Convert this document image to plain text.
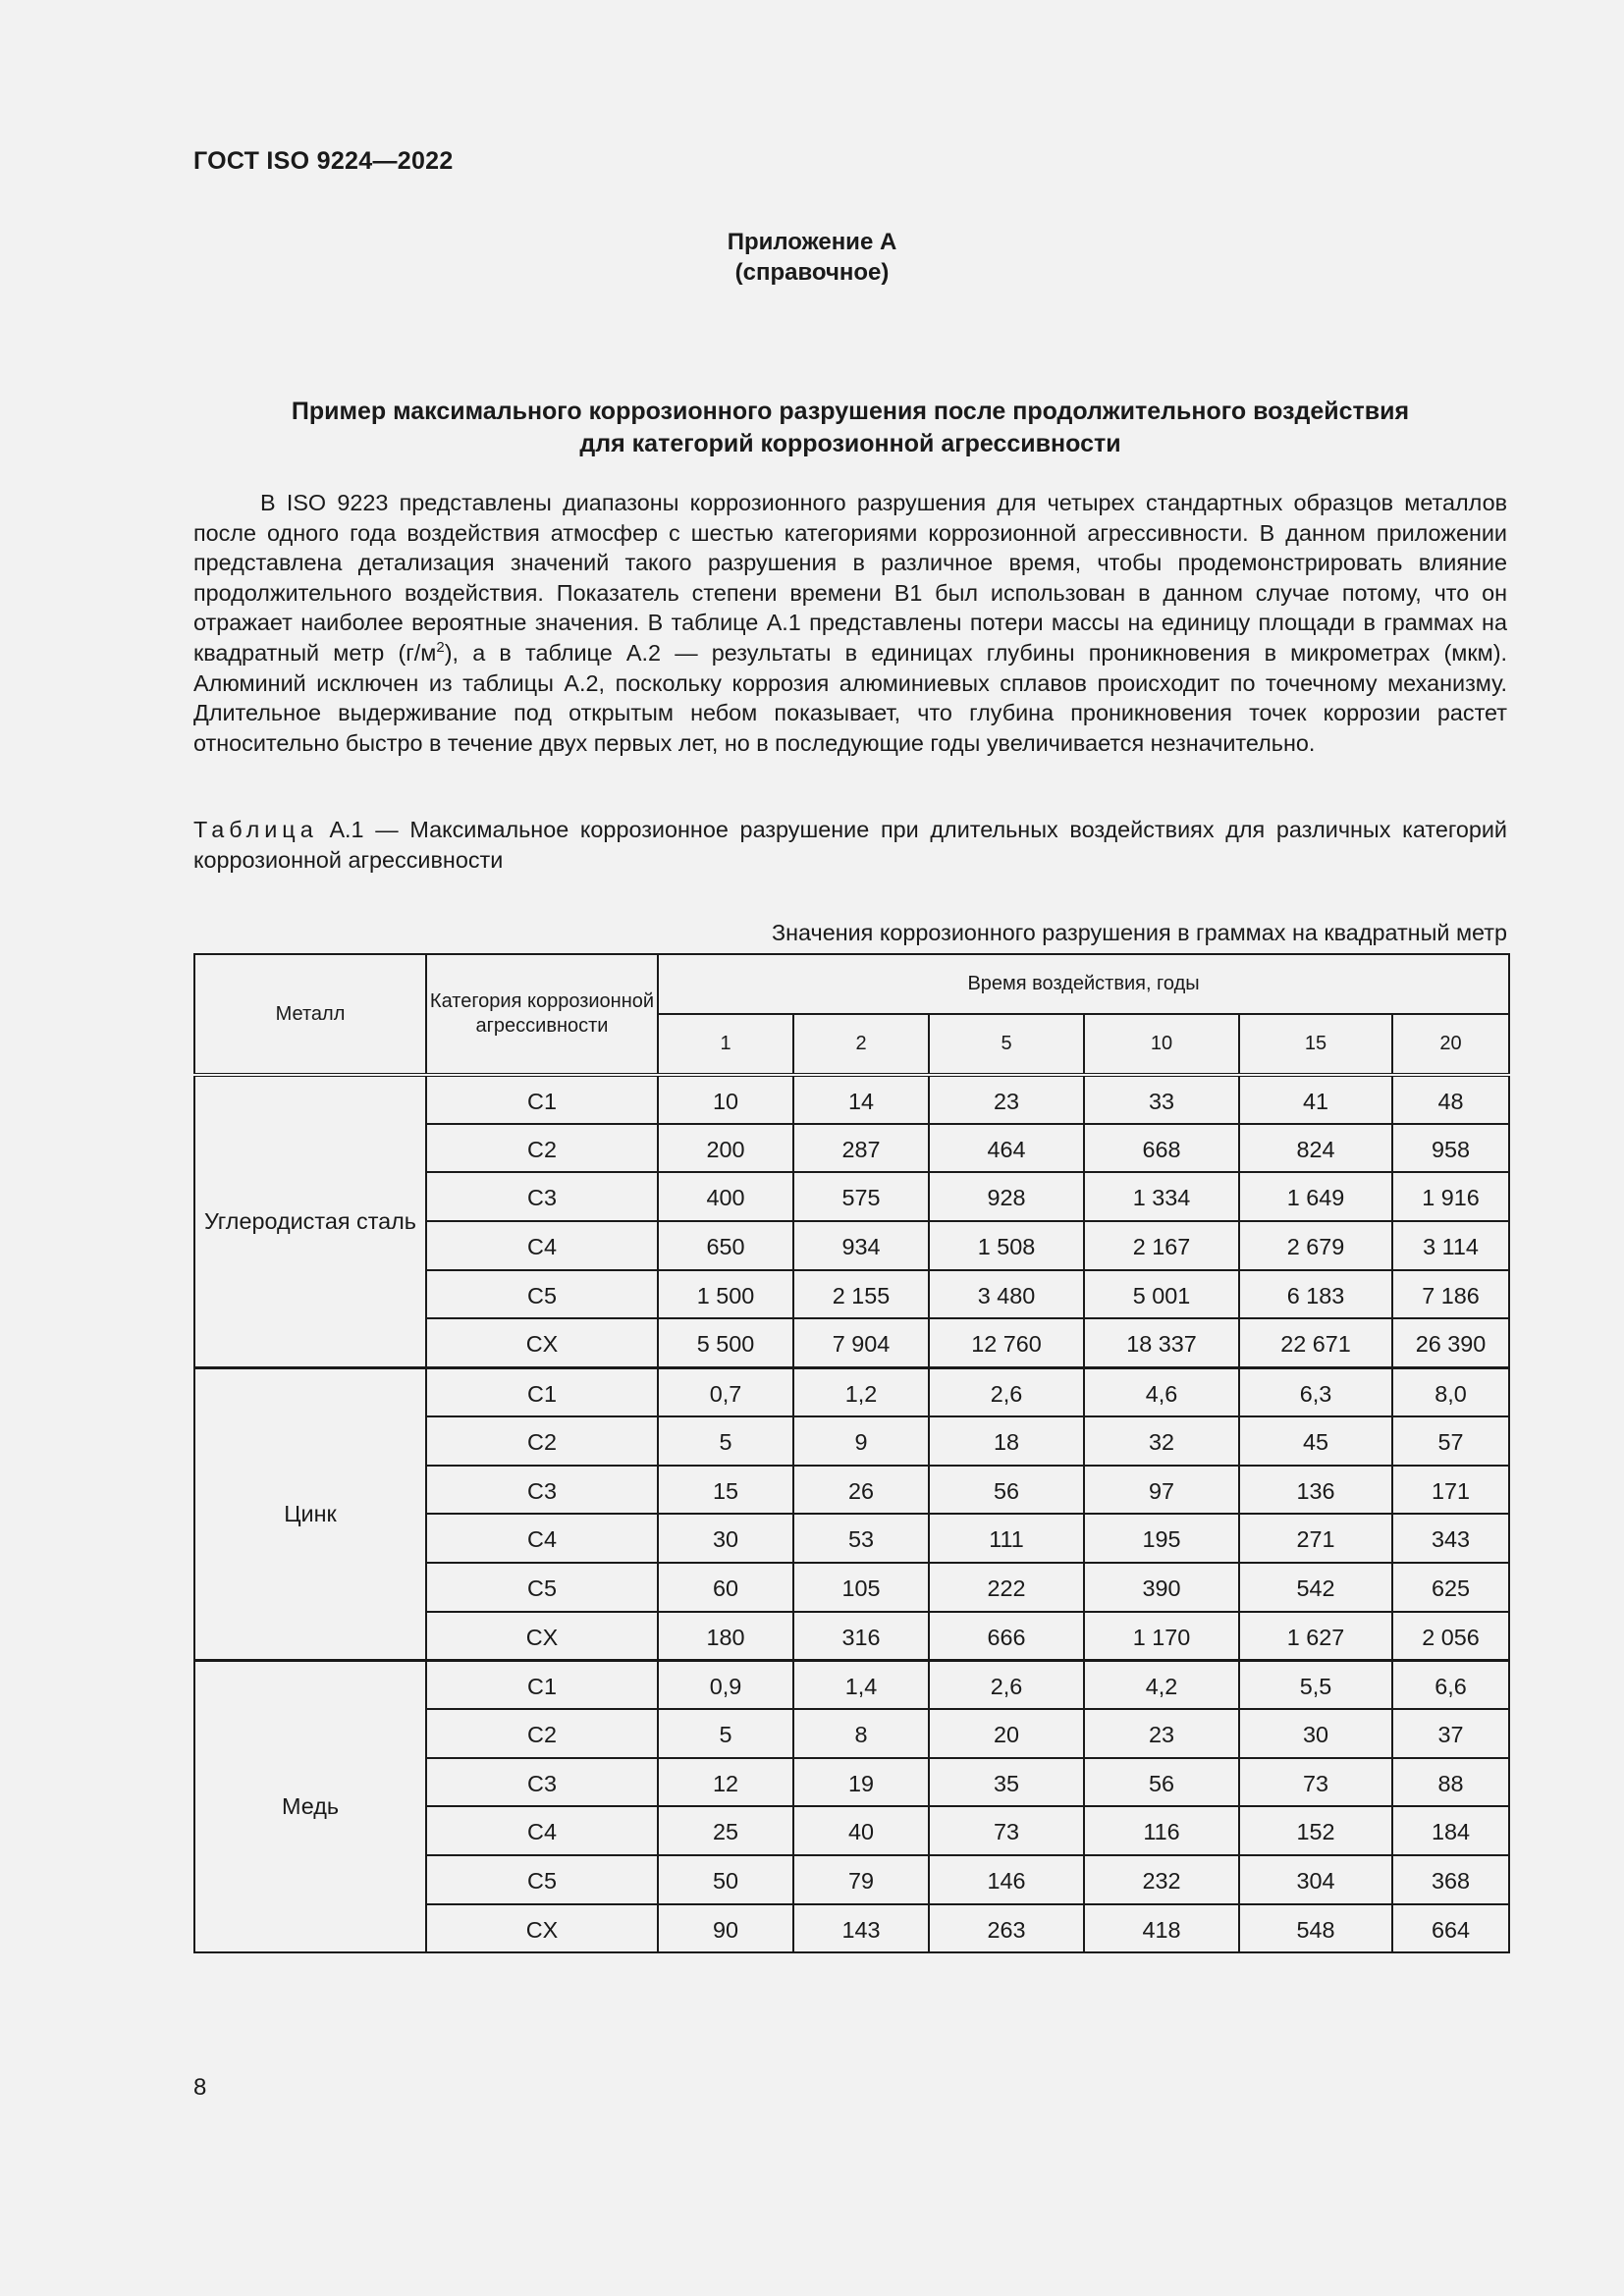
ГОСТ ISO 9224—2022
Приложение А
(справочное)
Пример максимального коррозионного разрушения после продолжительного воздействия
для категорий коррозионной агрессивности

В ISO 9223 представлены диапазоны коррозионного разрушения для четырех стандартных образцов металлов после одного года воздействия атмосфер с шестью категориями коррозионной агрессивности. В данном приложении представлена детализация значений такого разрушения в различное время, чтобы продемонстрировать влияние продолжительного воздействия. Показатель степени времени В1 был использован в данном случае потому, что он отражает наиболее вероятные значения. В таблице А.1 представлены потери массы на единицу площади в граммах на квадратный метр $(г/м^2)$, а в таблице А.2 — результаты в единицах глубины проникновения в микрометрах (мкм). Алюминий исключен из таблицы А.2, поскольку коррозия алюминиевых сплавов происходит по точечному механизму. Длительное выдерживание под открытым небом показывает, что глубина проникновения точек коррозии растет относительно быстро в течение двух первых лет, но в последующие годы увеличивается незначительно.

Таблица А.1 — Максимальное коррозионное разрушение при длительных воздействиях для различных категорий коррозионной агрессивности

Значения коррозионного разрушения в граммах на квадратный метр
Металл	Категория коррозионной агрессивности	Время воздействия, годы					
		1	2	5	10	15	20
Углеродистая сталь	C1	10	14	23	33	41	48
	C2	200	287	464	668	824	958
	C3	400	575	928	1 334	1 649	1 916
	C4	650	934	1 508	2 167	2 679	3 114
	C5	1 500	2 155	3 480	5 001	6 183	7 186
	CX	5 500	7 904	12 760	18 337	22 671	26 390
Цинк	C1	0,7	1,2	2,6	4,6	6,3	8,0
	C2	5	9	18	32	45	57
	C3	15	26	56	97	136	171
	C4	30	53	111	195	271	343
	C5	60	105	222	390	542	625
	CX	180	316	666	1 170	1 627	2 056
Медь	C1	0,9	1,4	2,6	4,2	5,5	6,6
	C2	5	8	20	23	30	37
	C3	12	19	35	56	73	88
	C4	25	40	73	116	152	184
	C5	50	79	146	232	304	368
	CX	90	143	263	418	548	664
8
